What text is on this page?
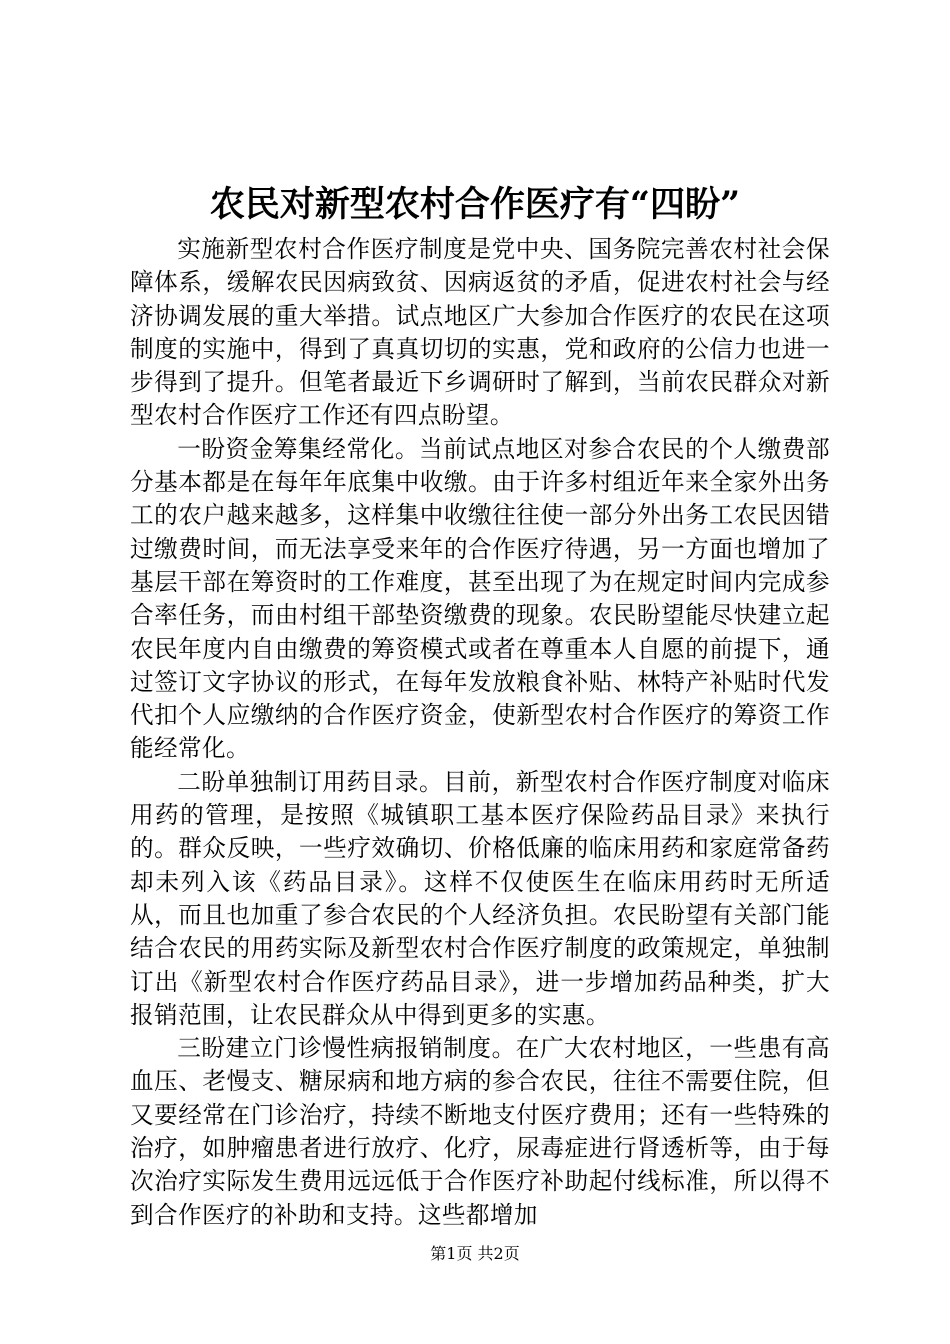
农民对新型农村合作医疗有“四盼”

实施新型农村合作医疗制度是党中央、国务院完善农村社会保障体系，缓解农民因病致贫、因病返贫的矛盾，促进农村社会与经济协调发展的重大举措。试点地区广大参加合作医疗的农民在这项制度的实施中，得到了真真切切的实惠，党和政府的公信力也进一步得到了提升。但笔者最近下乡调研时了解到，当前农民群众对新型农村合作医疗工作还有四点盼望。

一盼资金筹集经常化。当前试点地区对参合农民的个人缴费部分基本都是在每年年底集中收缴。由于许多村组近年来全家外出务工的农户越来越多，这样集中收缴往往使一部分外出务工农民因错过缴费时间，而无法享受来年的合作医疗待遇，另一方面也增加了基层干部在筹资时的工作难度，甚至出现了为在规定时间内完成参合率任务，而由村组干部垫资缴费的现象。农民盼望能尽快建立起农民年度内自由缴费的筹资模式或者在尊重本人自愿的前提下，通过签订文字协议的形式，在每年发放粮食补贴、林特产补贴时代发代扣个人应缴纳的合作医疗资金，使新型农村合作医疗的筹资工作能经常化。

二盼单独制订用药目录。目前，新型农村合作医疗制度对临床用药的管理，是按照《城镇职工基本医疗保险药品目录》来执行的。群众反映，一些疗效确切、价格低廉的临床用药和家庭常备药却未列入该《药品目录》。这样不仅使医生在临床用药时无所适从，而且也加重了参合农民的个人经济负担。农民盼望有关部门能结合农民的用药实际及新型农村合作医疗制度的政策规定，单独制订出《新型农村合作医疗药品目录》，进一步增加药品种类，扩大报销范围，让农民群众从中得到更多的实惠。

三盼建立门诊慢性病报销制度。在广大农村地区，一些患有高血压、老慢支、糖尿病和地方病的参合农民，往往不需要住院，但又要经常在门诊治疗，持续不断地支付医疗费用；还有一些特殊的治疗，如肿瘤患者进行放疗、化疗，尿毒症进行肾透析等，由于每次治疗实际发生费用远远低于合作医疗补助起付线标准，所以得不到合作医疗的补助和支持。这些都增加

第1页 共2页
